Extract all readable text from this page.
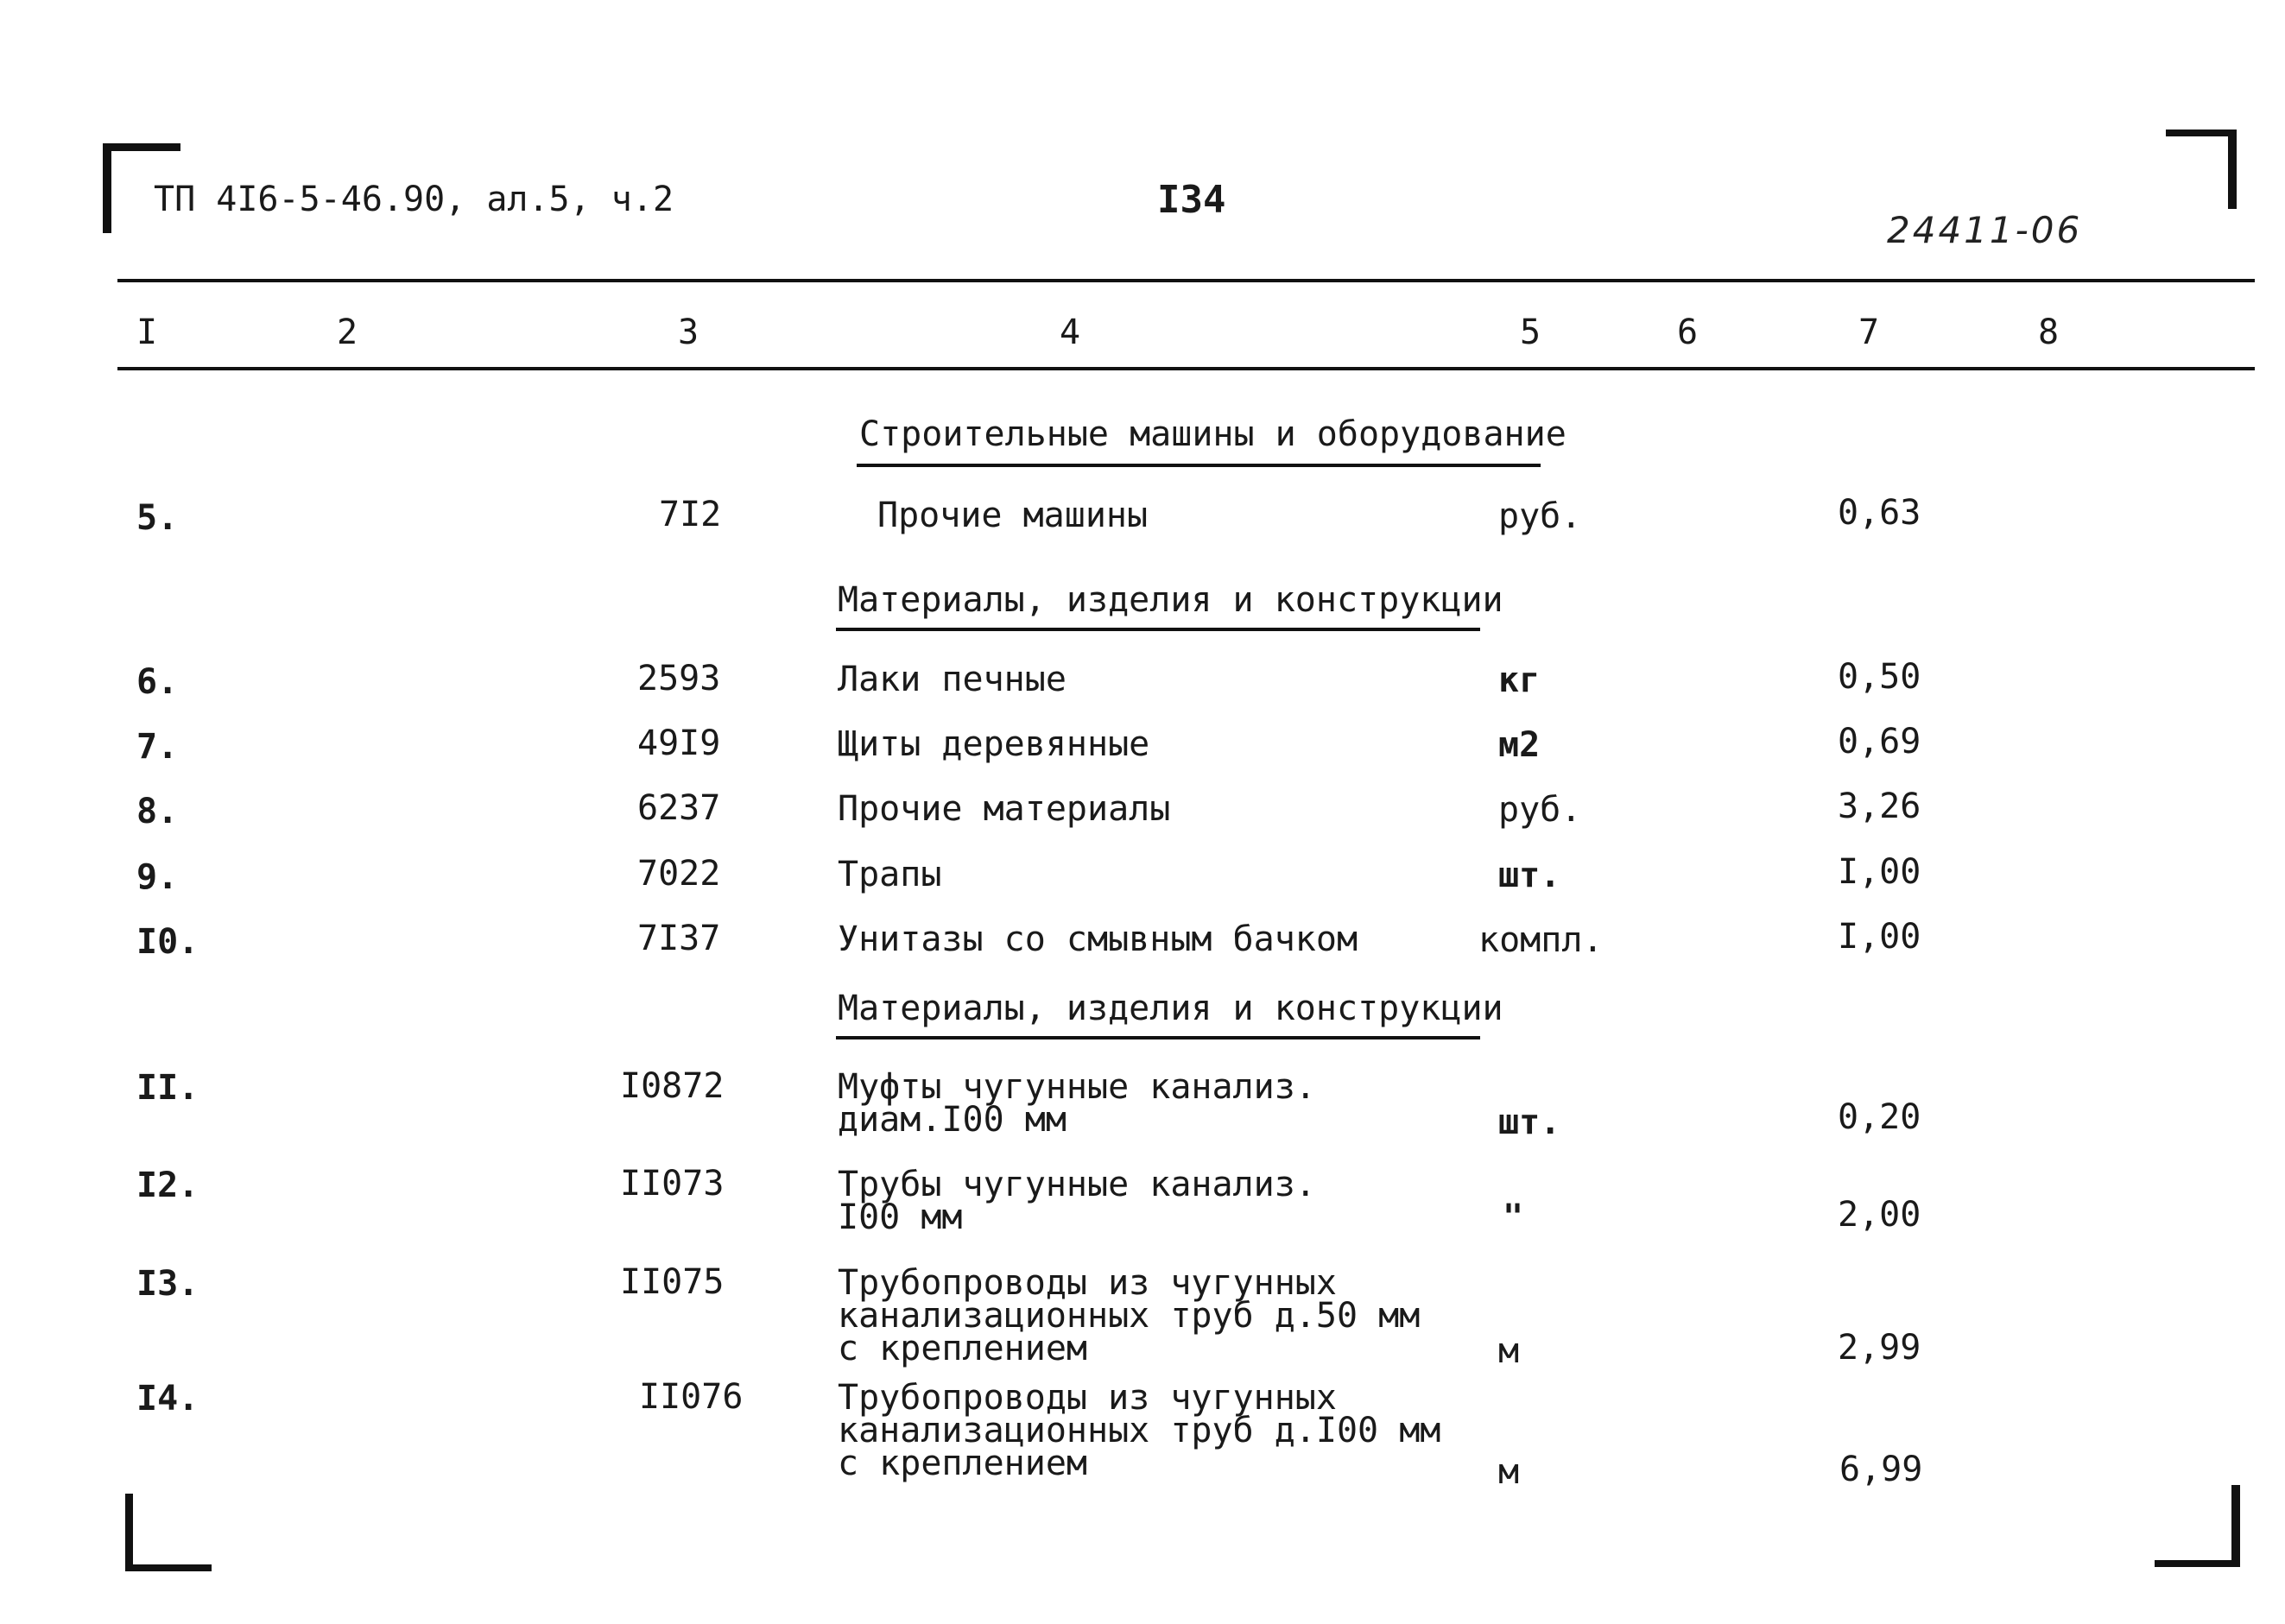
ТП 4I6-5-46.90, ал.5, ч.2	I34
24411-06
I	2	3	4	5	6	7	8
Строительные машины и оборудование
5.	7I2	Прочие машины	руб.	0,63
Материалы, изделия и конструкции
6.	2593	Лаки печные	кг	0,50
7.	49I9	Щиты деревянные	м2	0,69
8.	6237	Прочие материалы	руб.	3,26
9.	7022	Трапы	шт.	I,00
I0.	7I37	Унитазы со смывным бачком	компл.	I,00
Материалы, изделия и конструкции
II.	I0872	Муфты чугунные канализ.
диам.I00 мм	шт.	0,20
I2.	II073	Трубы чугунные канализ.
I00 мм	"	2,00
I3.	II075	Трубопроводы из чугунных
канализационных труб д.50 мм
с креплением	м	2,99
I4.	II076	Трубопроводы из чугунных
канализационных труб д.I00 мм
с креплением	м	6,99
